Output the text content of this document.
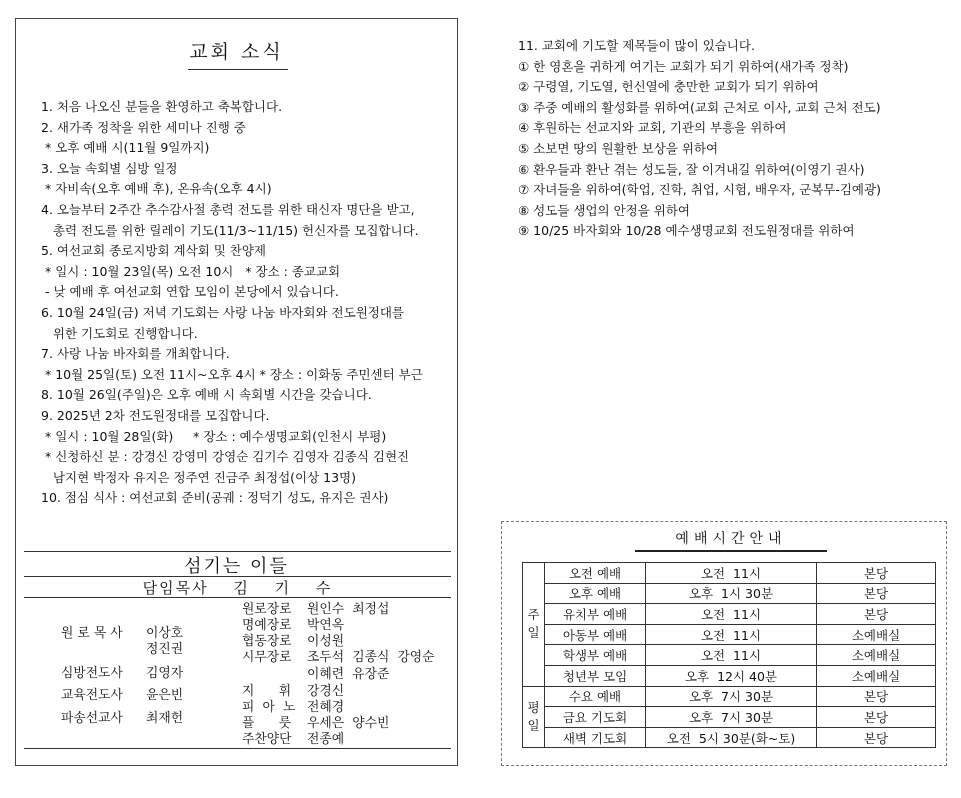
교회 소식
1. 처음 나오신 분들을 환영하고 축복합니다.
2. 새가족 정착을 위한 세미나 진행 중
* 오후 예배 시(11월 9일까지)
3. 오늘 속회별 심방 일정
* 자비속(오후 예배 후), 온유속(오후 4시)
4. 오늘부터 2주간 추수감사절 총력 전도를 위한 태신자 명단을 받고,
총력 전도를 위한 릴레이 기도(11/3~11/15) 헌신자를 모집합니다.
5. 여선교회 종로지방회 계삭회 및 찬양제
* 일시 : 10월 23일(목) 오전 10시   * 장소 : 종교교회
- 낮 예배 후 여선교회 연합 모임이 본당에서 있습니다.
6. 10월 24일(금) 저녁 기도회는 사랑 나눔 바자회와 전도원정대를
위한 기도회로 진행합니다.
7. 사랑 나눔 바자회를 개최합니다.
* 10월 25일(토) 오전 11시~오후 4시 * 장소 : 이화동 주민센터 부근
8. 10월 26일(주일)은 오후 예배 시 속회별 시간을 갖습니다.
9. 2025년 2차 전도원정대를 모집합니다.
* 일시 : 10월 28일(화)     * 장소 : 예수생명교회(인천시 부평)
* 신청하신 분 : 강경신 강영미 강영순 김기수 김영자 김종식 김현진
남지현 박정자 유지은 정주연 진금주 최정섭(이상 13명)
10. 점심 식사 : 여선교회 준비(공궤 : 정덕기 성도, 유지은 권사)
섬기는 이들
담임목사 김 기 수
원 로 목 사 이상호
정진권
심방전도사 김영자
교육전도사 윤은빈
파송선교사 최재헌
원로장로 원인수  최정섭
명예장로 박연옥
협동장로 이성원
시무장로 조두석  김종식  강영순
이혜련  유장준
지      휘 강경신
피  아  노 전혜경
플      룻 우세은  양수빈
주찬양단 전종예
11. 교회에 기도할 제목들이 많이 있습니다.
① 한 영혼을 귀하게 여기는 교회가 되기 위하여(새가족 정착)
② 구령열, 기도열, 헌신열에 충만한 교회가 되기 위하여
③ 주중 예배의 활성화를 위하여(교회 근처로 이사, 교회 근처 전도)
④ 후원하는 선교지와 교회, 기관의 부흥을 위하여
⑤ 소보면 땅의 원활한 보상을 위하여
⑥ 환우들과 환난 겪는 성도들, 잘 이겨내길 위하여(이영기 권사)
⑦ 자녀들을 위하여(학업, 진학, 취업, 시험, 배우자, 군복무-김예광)
⑧ 성도들 생업의 안정을 위하여
⑨ 10/25 바자회와 10/28 예수생명교회 전도원정대를 위하여
예배시간안내
주
일	오전 예배	오전  11시	본당
	오후 예배	오후  1시 30분	본당
	유치부 예배	오전  11시	본당
	아동부 예배	오전  11시	소예배실
	학생부 예배	오전  11시	소예배실
	청년부 모임	오후  12시 40분	소예배실
평
일	수요 예배	오후  7시 30분	본당
	금요 기도회	오후  7시 30분	본당
	새벽 기도회	오전  5시 30분(화~토)	본당
